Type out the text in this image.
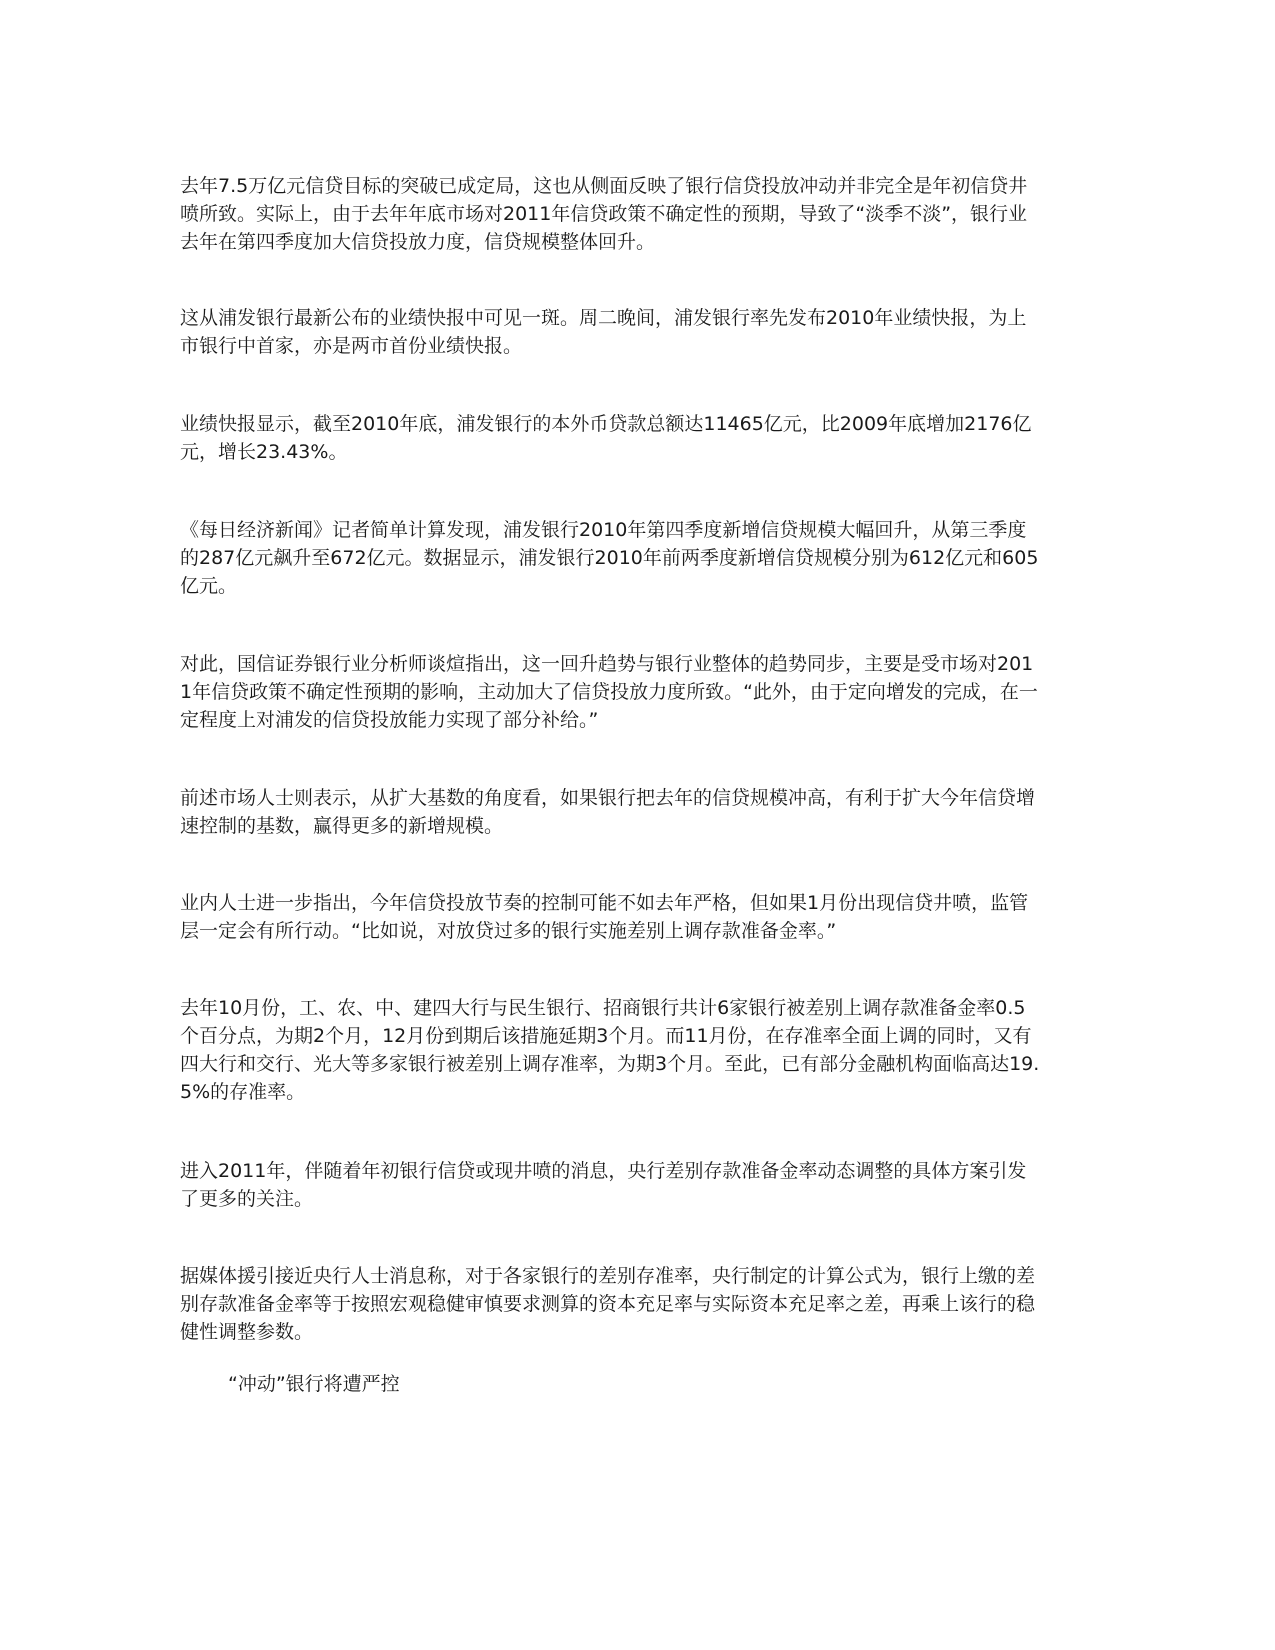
去年7.5万亿元信贷目标的突破已成定局，这也从侧面反映了银行信贷投放冲动并非完全是年初信贷井喷所致。实际上，由于去年年底市场对2011年信贷政策不确定性的预期，导致了“淡季不淡”，银行业去年在第四季度加大信贷投放力度，信贷规模整体回升。

这从浦发银行最新公布的业绩快报中可见一斑。周二晚间，浦发银行率先发布2010年业绩快报，为上市银行中首家，亦是两市首份业绩快报。

业绩快报显示，截至2010年底，浦发银行的本外币贷款总额达11465亿元，比2009年底增加2176亿元，增长23.43%。

《每日经济新闻》记者简单计算发现，浦发银行2010年第四季度新增信贷规模大幅回升，从第三季度的287亿元飙升至672亿元。数据显示，浦发银行2010年前两季度新增信贷规模分别为612亿元和605亿元。

对此，国信证券银行业分析师谈煊指出，这一回升趋势与银行业整体的趋势同步，主要是受市场对2011年信贷政策不确定性预期的影响，主动加大了信贷投放力度所致。“此外，由于定向增发的完成，在一定程度上对浦发的信贷投放能力实现了部分补给。”

前述市场人士则表示，从扩大基数的角度看，如果银行把去年的信贷规模冲高，有利于扩大今年信贷增速控制的基数，赢得更多的新增规模。

业内人士进一步指出，今年信贷投放节奏的控制可能不如去年严格，但如果1月份出现信贷井喷，监管层一定会有所行动。“比如说，对放贷过多的银行实施差别上调存款准备金率。”

去年10月份，工、农、中、建四大行与民生银行、招商银行共计6家银行被差别上调存款准备金率0.5个百分点，为期2个月，12月份到期后该措施延期3个月。而11月份，在存准率全面上调的同时，又有四大行和交行、光大等多家银行被差别上调存准率，为期3个月。至此，已有部分金融机构面临高达19.5%的存准率。

进入2011年，伴随着年初银行信贷或现井喷的消息，央行差别存款准备金率动态调整的具体方案引发了更多的关注。

据媒体援引接近央行人士消息称，对于各家银行的差别存准率，央行制定的计算公式为，银行上缴的差别存款准备金率等于按照宏观稳健审慎要求测算的资本充足率与实际资本充足率之差，再乘上该行的稳健性调整参数。

“冲动”银行将遭严控
